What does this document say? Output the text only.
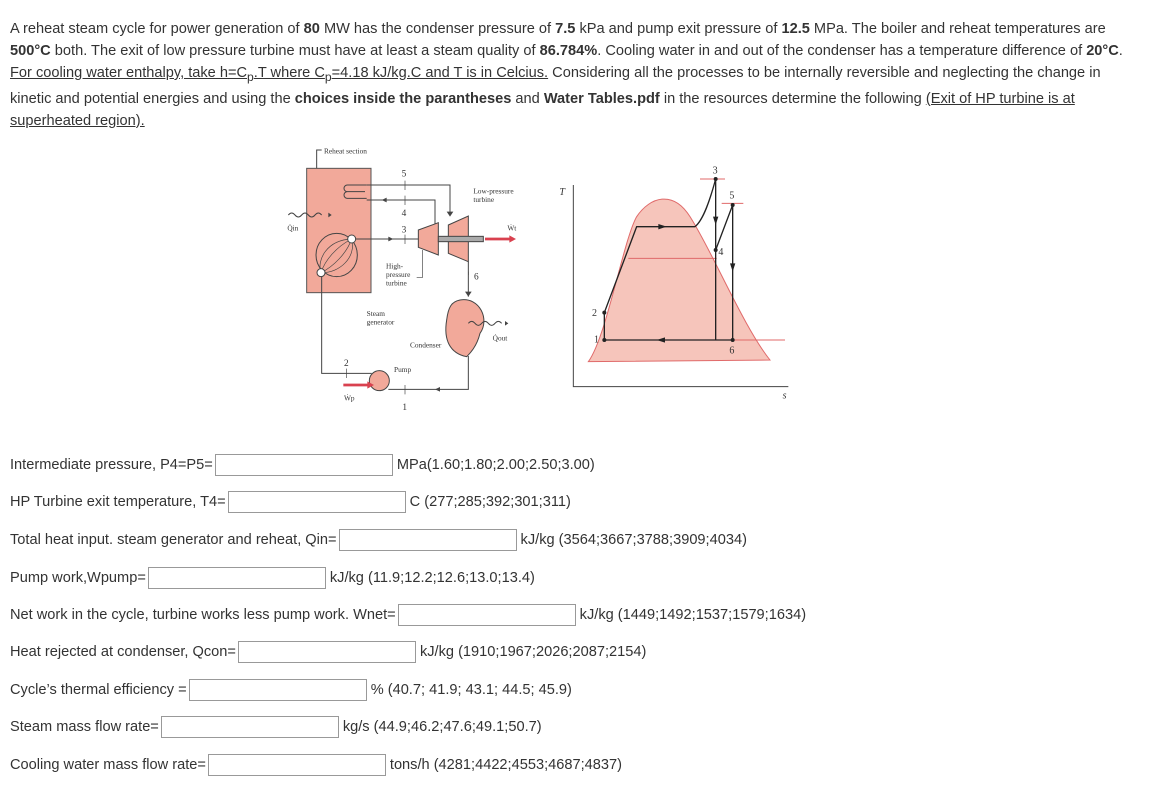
A reheat steam cycle for power generation of 80 MW has the condenser pressure of 7.5 kPa and pump exit pressure of 12.5 MPa. The boiler and reheat temperatures are 500°C both. The exit of low pressure turbine must have at least a steam quality of 86.784%. Cooling water in and out of the condenser has a temperature difference of 20°C. For cooling water enthalpy, take $h=C_p.T$ where $C_p=4.18$ kJ/kg.C and T is in Celcius. Considering all the processes to be internally reversible and neglecting the change in kinetic and potential energies and using the choices inside the parantheses and Water Tables.pdf in the resources determine the following (Exit of HP turbine is at superheated region).
Reheat section
Low-pressure
turbine
High-
pressure
turbine
Steam
generator
Condenser
Pump
Q̇in
Q̇out
Ẇt
Ẇp
1
2
3
4
5
6
T
s
1
2
3
4
5
6
Intermediate pressure, P4=P5=	MPa(1.60;1.80;2.00;2.50;3.00)
HP Turbine exit temperature, T4=	C (277;285;392;301;311)
Total heat input. steam generator and reheat, Qin=	kJ/kg (3564;3667;3788;3909;4034)
Pump work,Wpump=	kJ/kg (11.9;12.2;12.6;13.0;13.4)
Net work in the cycle, turbine works less pump work. Wnet=	kJ/kg (1449;1492;1537;1579;1634)
Heat rejected at condenser, Qcon=	kJ/kg (1910;1967;2026;2087;2154)
Cycle’s thermal efficiency =	% (40.7; 41.9; 43.1; 44.5; 45.9)
Steam mass flow rate=	kg/s (44.9;46.2;47.6;49.1;50.7)
Cooling water mass flow rate=	tons/h (4281;4422;4553;4687;4837)
